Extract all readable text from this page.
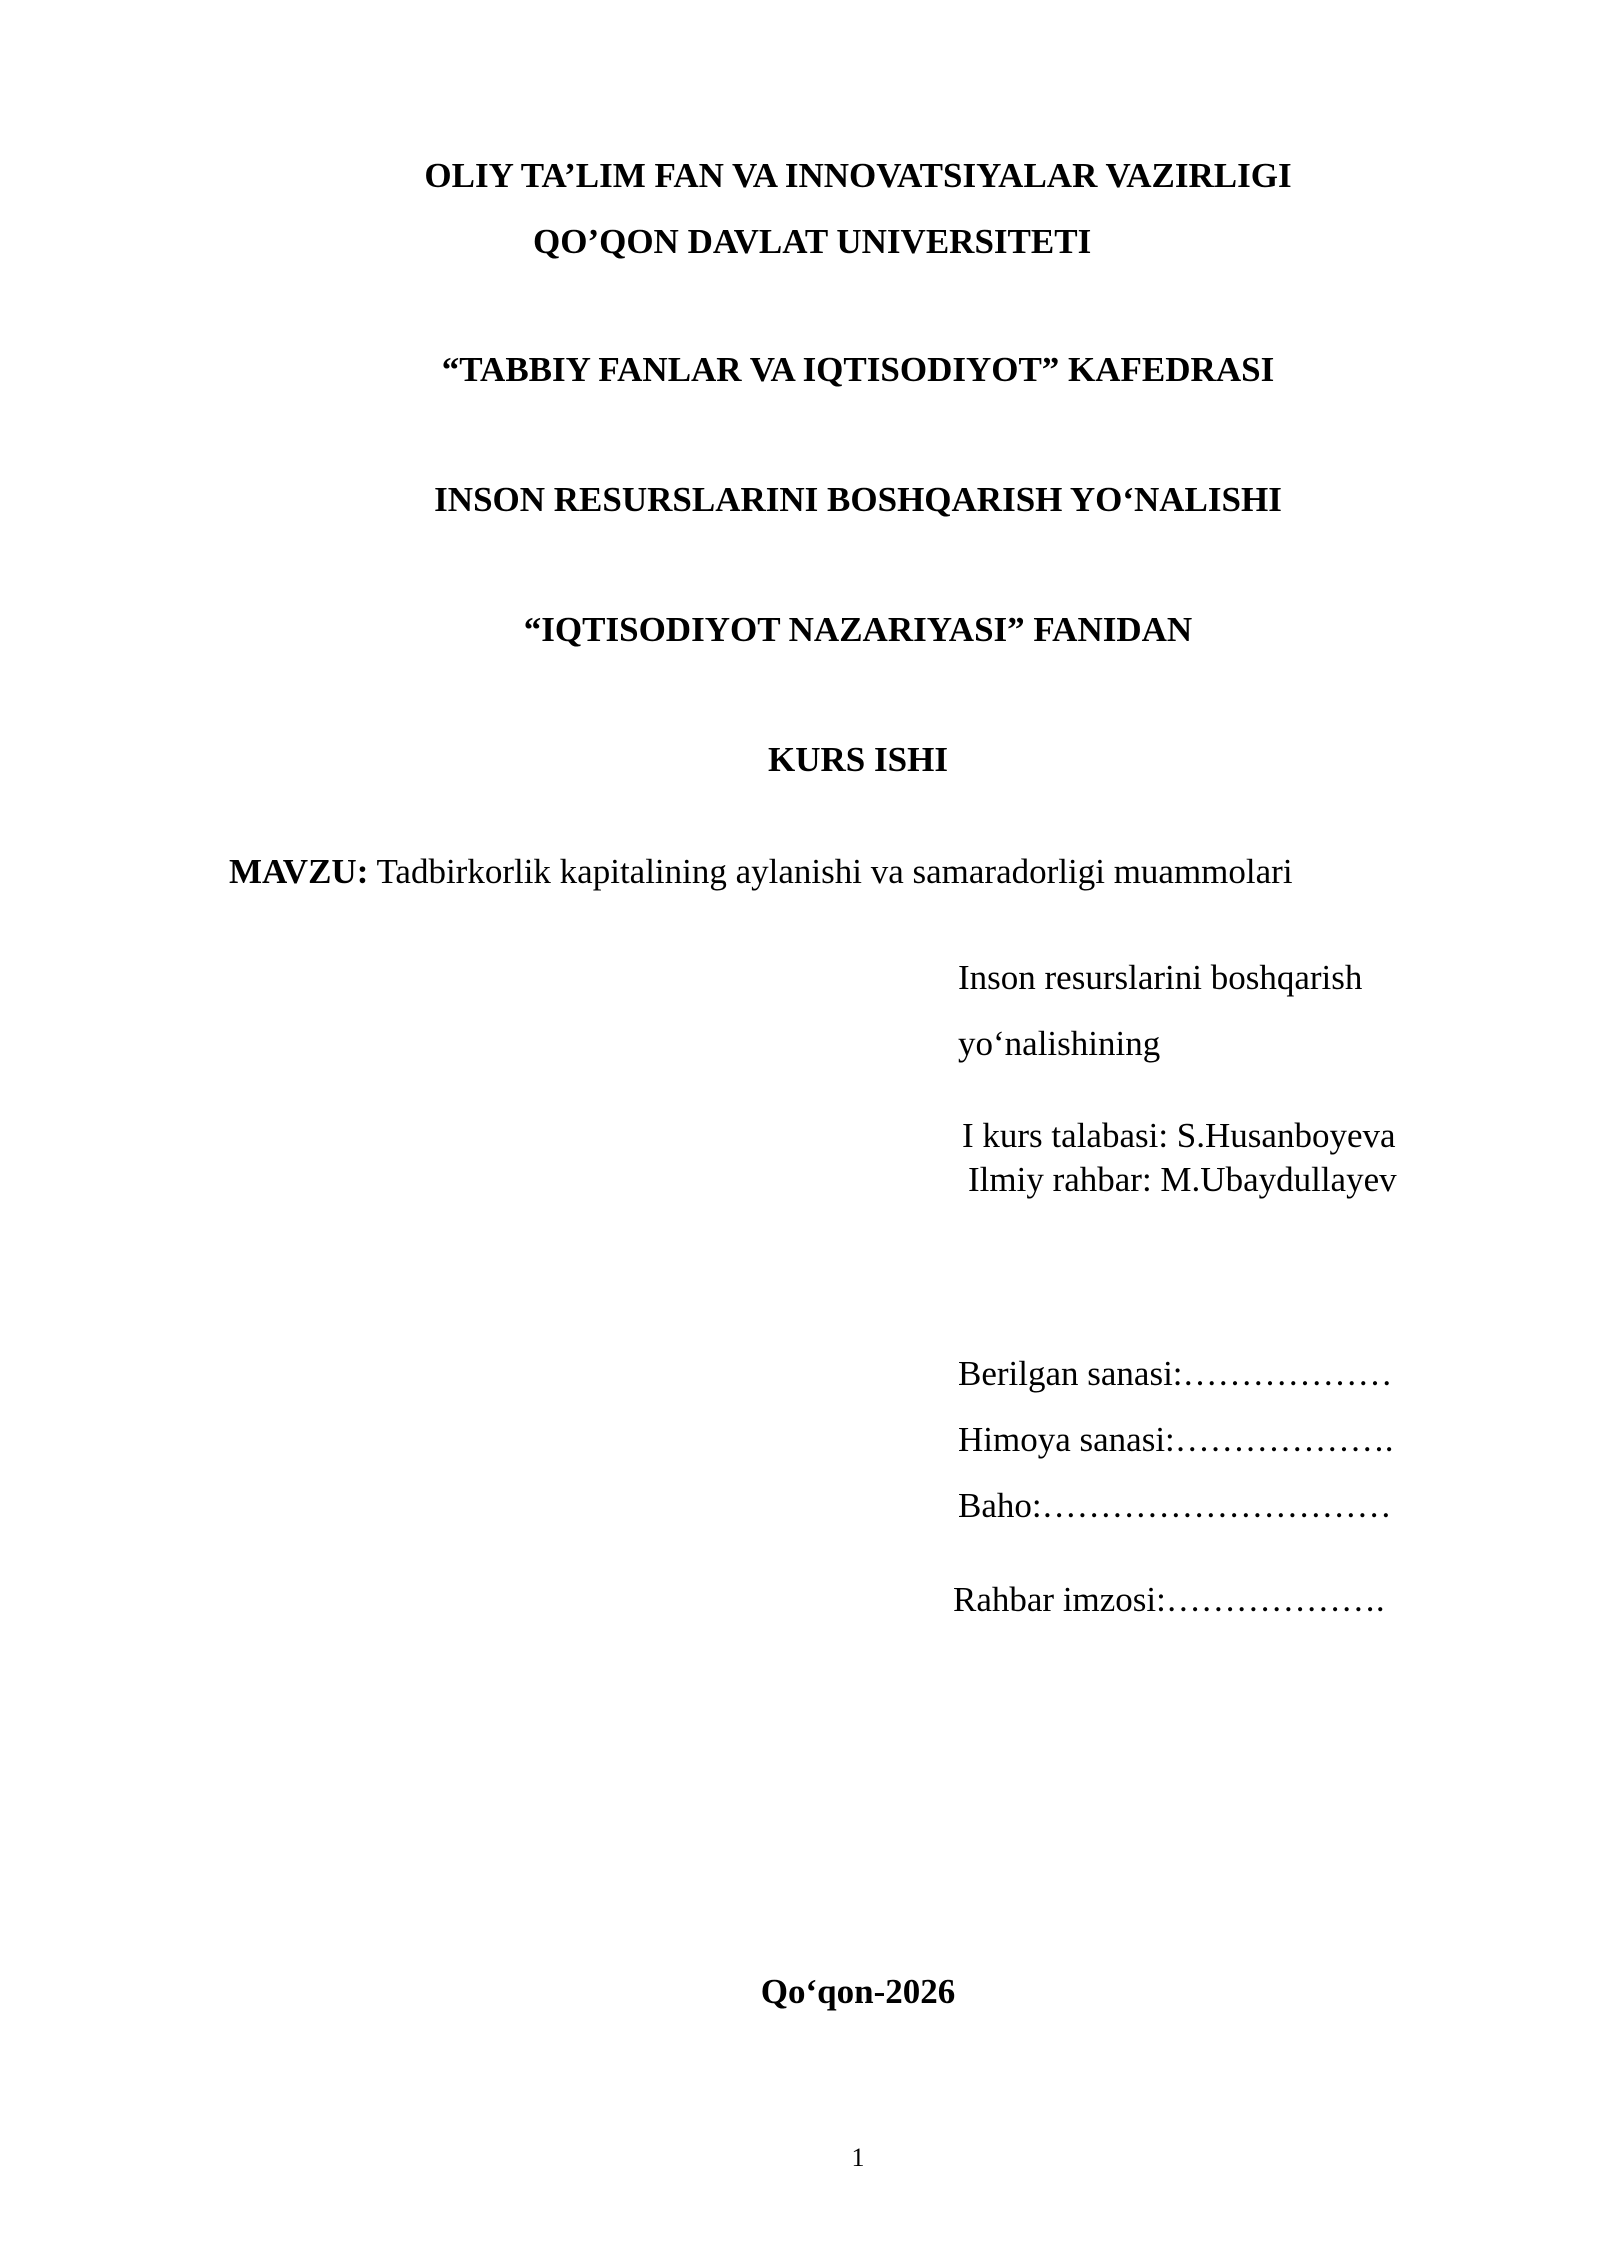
OLIY TA’LIM FAN VA INNOVATSIYALAR VAZIRLIGI
QO’QON DAVLAT UNIVERSITETI
“TABBIY FANLAR VA IQTISODIYOT” KAFEDRASI
INSON RESURSLARINI BOSHQARISH YO‘NALISHI
“IQTISODIYOT NAZARIYASI” FANIDAN
KURS ISHI
MAVZU: Tadbirkorlik kapitalining aylanishi va samaradorligi muammolari
Inson resurslarini boshqarish
yo‘nalishining
I kurs talabasi: S.Husanboyeva
Ilmiy rahbar: M.Ubaydullayev
Berilgan sanasi:………………
Himoya sanasi:……………….
Baho:…………………………
Rahbar imzosi:……………….
Qo‘qon-2026
1
